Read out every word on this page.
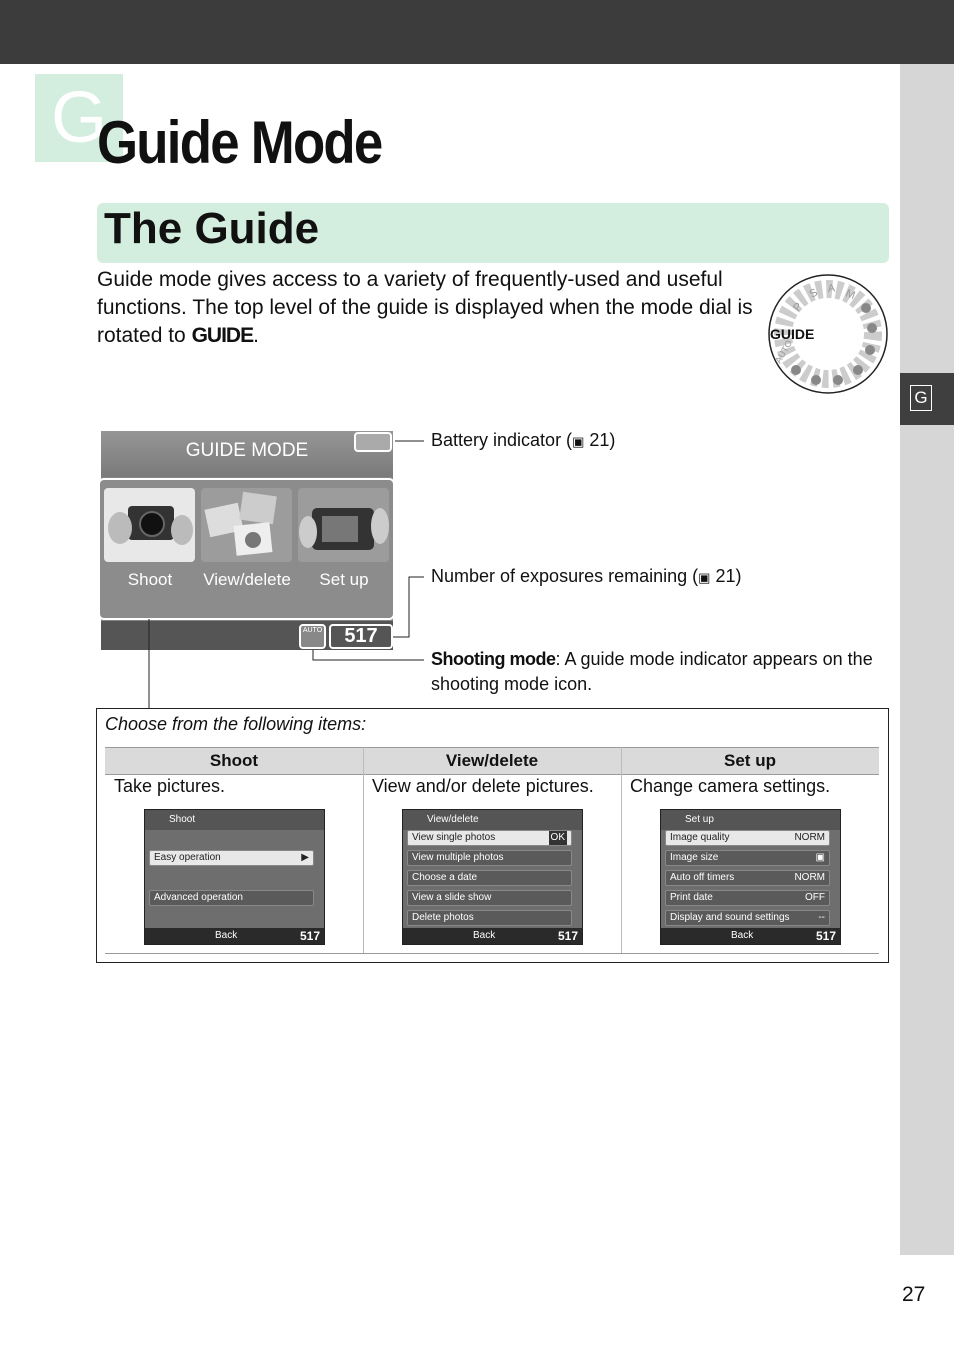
G
G
Guide Mode
The Guide
Guide mode gives access to a variety of frequently-used and useful functions. The top level of the guide is displayed when the mode dial is rotated to GUIDE.	GUIDE
P
S A M
AUTO
GUIDE MODE
Shoot	View/delete	Set up
AUTO	517
Battery indicator (▣ 21)
Number of exposures remaining (▣ 21)
Shooting mode: A guide mode indicator appears on the shooting mode icon.
Choose from the following items:
Shoot	View/delete	Set up
Take pictures.	View and/or delete pictures. Change camera settings.
Shoot
▶
Easy operation
Advanced operation
Back	517
View/delete
OK
View single photos
View multiple photos
Choose a date
View a slide show
Delete photos
Back	517
Set up
NORM
Image quality
▣
Image size
NORM
Auto off timers
OFF
Print date
--
Display and sound settings
Back	517
27
